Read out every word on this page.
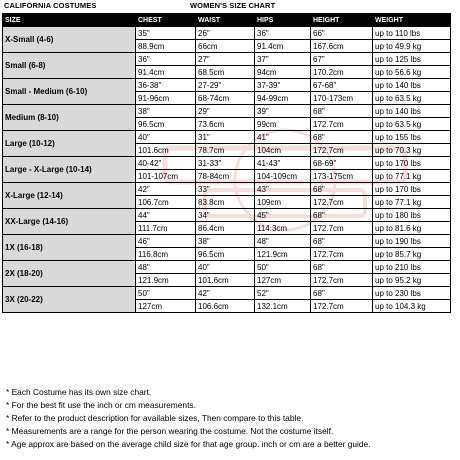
CALIFORNIA COSTUMES	WOMEN'S SIZE CHART
SIZE	CHEST	WAIST	HIPS	HEIGHT	WEIGHT
X-Small (4-6)	35"	26"	36"	66"	up to 110 lbs
	88.9cm	66cm	91.4cm	167.6cm	up to 49.9 kg
Small (6-8)	36"	27"	37"	67"	up to 125 lbs
	91.4cm	68.5cm	94cm	170.2cm	up to 56.6 kg
Small - Medium (6-10)	36-38"	27-29"	37-39"	67-68"	up to 140 lbs
	91-96cm	68-74cm	94-99cm	170-173cm	up to 63.5 kg
Medium (8-10)	38"	29"	39"	68"	up to 140 lbs
	96.5cm	73.6cm	99cm	172.7cm	up to 63.5 kg
Large (10-12)	40"	31"	41"	68"	up to 155 lbs
	101.6cm	78.7cm	104cm	172.7cm	up to 70.3 kg
Large - X-Large (10-14)	40-42"	31-33"	41-43"	68-69"	up to 170 lbs
	101-107cm	78-84cm	104-109cm	173-175cm	up to 77.1 kg
X-Large (12-14)	42"	33"	43"	68"	up to 170 lbs
	106.7cm	83.8cm	109cm	172.7cm	up to 77.1 kg
XX-Large (14-16)	44"	34"	45"	68"	up to 180 lbs
	111.7cm	86.4cm	114.3cm	172.7cm	up to 81.6 kg
1X (16-18)	46"	38"	48"	68"	up to 190 lbs
	116.8cm	96.5cm	121.9cm	172.7cm	up to 85.7 kg
2X (18-20)	48"	40"	50"	68"	up to 210 lbs
	121.9cm	101.6cm	127cm	172.7cm	up to 95.2 kg
3X (20-22)	50"	42"	52"	68"	up to 230 lbs
	127cm	106.6cm	132.1cm	172.7cm	up to 104.3 kg
* Each Costume has its own size chart.
* For the best fit use the inch or cm measurements.
* Refer to the product description for available sizes, Then compare to this table.
* Measurements are a range for the person wearing the costume. Not the costume itself.
* Age approx are based on the average child size for that age group. inch or cm are a better guide.
